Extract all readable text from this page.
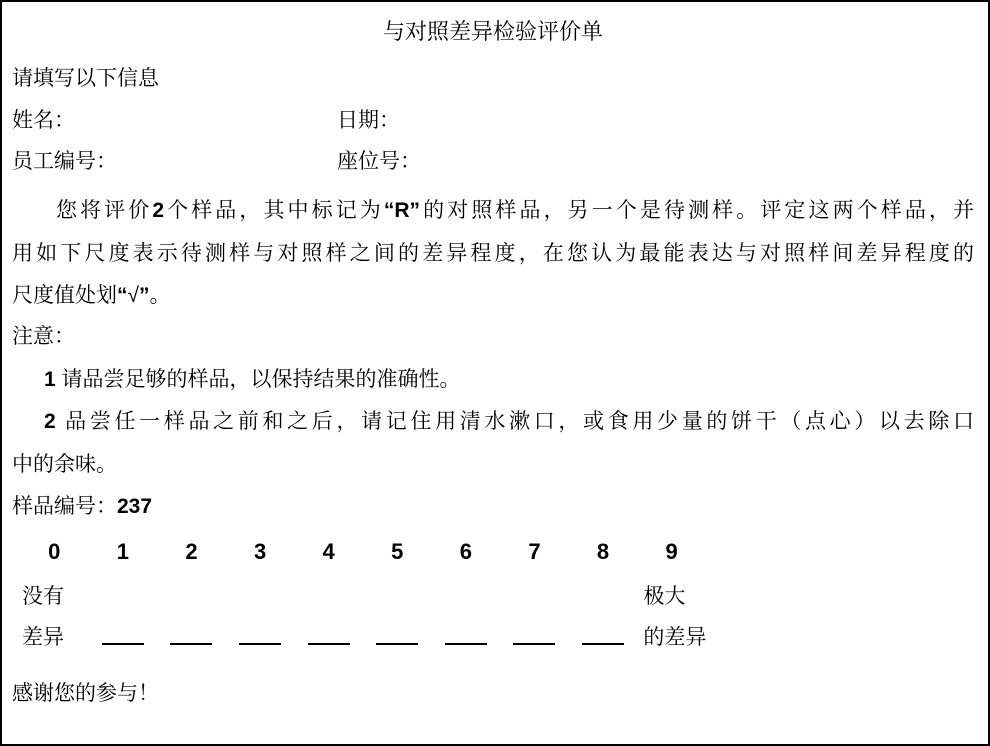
与对照差异检验评价单
请填写以下信息
姓名：	日期：
员工编号：	座位号：
您将评价2个样品，其中标记为“R”的对照样品，另一个是待测样。评定这两个样品，并
用如下尺度表示待测样与对照样之间的差异程度，在您认为最能表达与对照样间差异程度的
尺度值处划“√”。
注意：
1 请品尝足够的样品，以保持结果的准确性。
2 品尝任一样品之前和之后，请记住用清水漱口，或食用少量的饼干（点心）以去除口
中的余味。
样品编号：237
0	1	2	3	4	5	6	7	8	9
没有	极大
差异	的差异
感谢您的参与！
